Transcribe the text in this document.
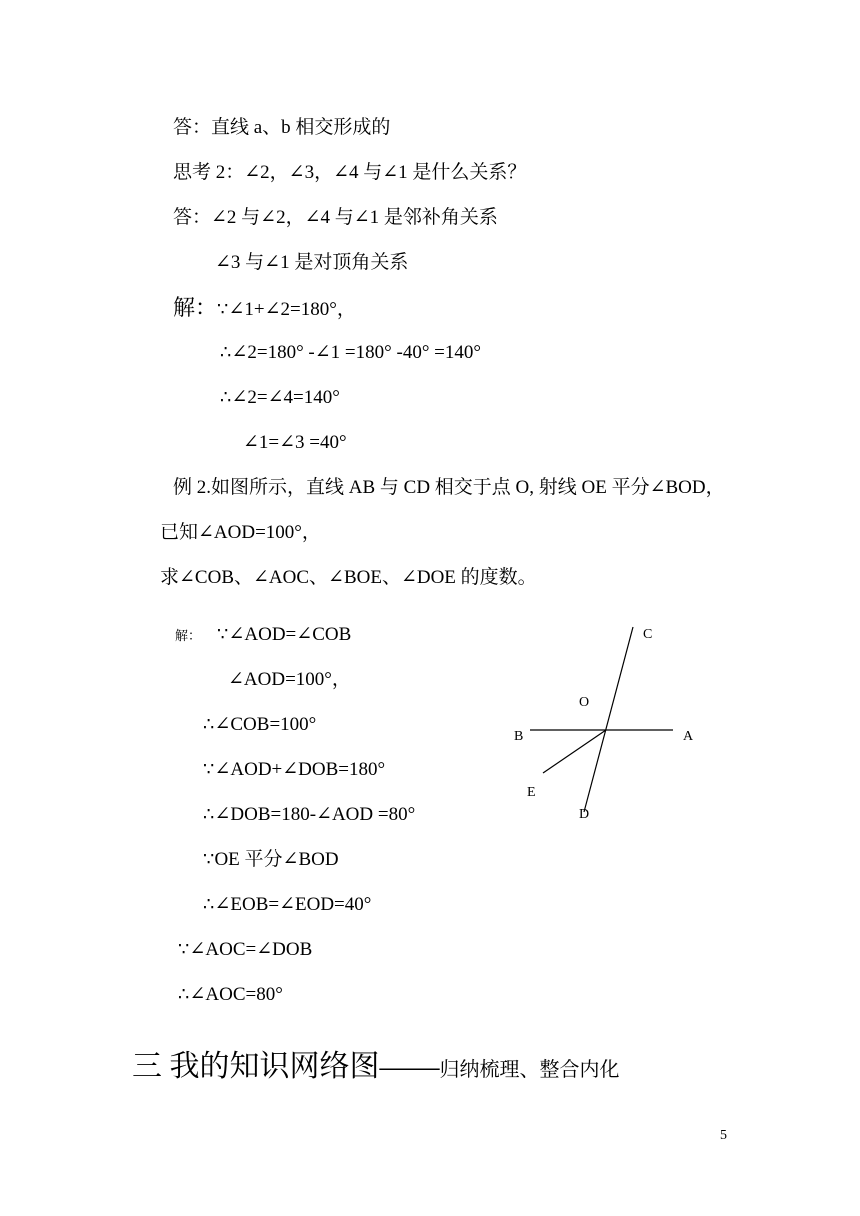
答：直线 a、b 相交形成的
思考 2：∠2，∠3，∠4 与∠1 是什么关系？
答：∠2 与∠2，∠4 与∠1 是邻补角关系
∠3 与∠1 是对顶角关系
解：∵∠1+∠2=180°，
∴∠2=180° -∠1 =180° -40° =140°
∴∠2=∠4=140°
∠1=∠3 =40°
例 2.如图所示，直线 AB 与 CD 相交于点 O, 射线 OE 平分∠BOD，
已知∠AOD=100°，
求∠COB、∠AOC、∠BOE、∠DOE 的度数。
解： ∵∠AOD=∠COB
∠AOD=100°，
∴∠COB=100°
∵∠AOD+∠DOB=180°
∴∠DOB=180-∠AOD =80°
∵OE 平分∠BOD
∴∠EOB=∠EOD=40°
∵∠AOC=∠DOB
∴∠AOC=80°
C
O
B	A
E
D
三 我的知识网络图——归纳梳理、整合内化
5
